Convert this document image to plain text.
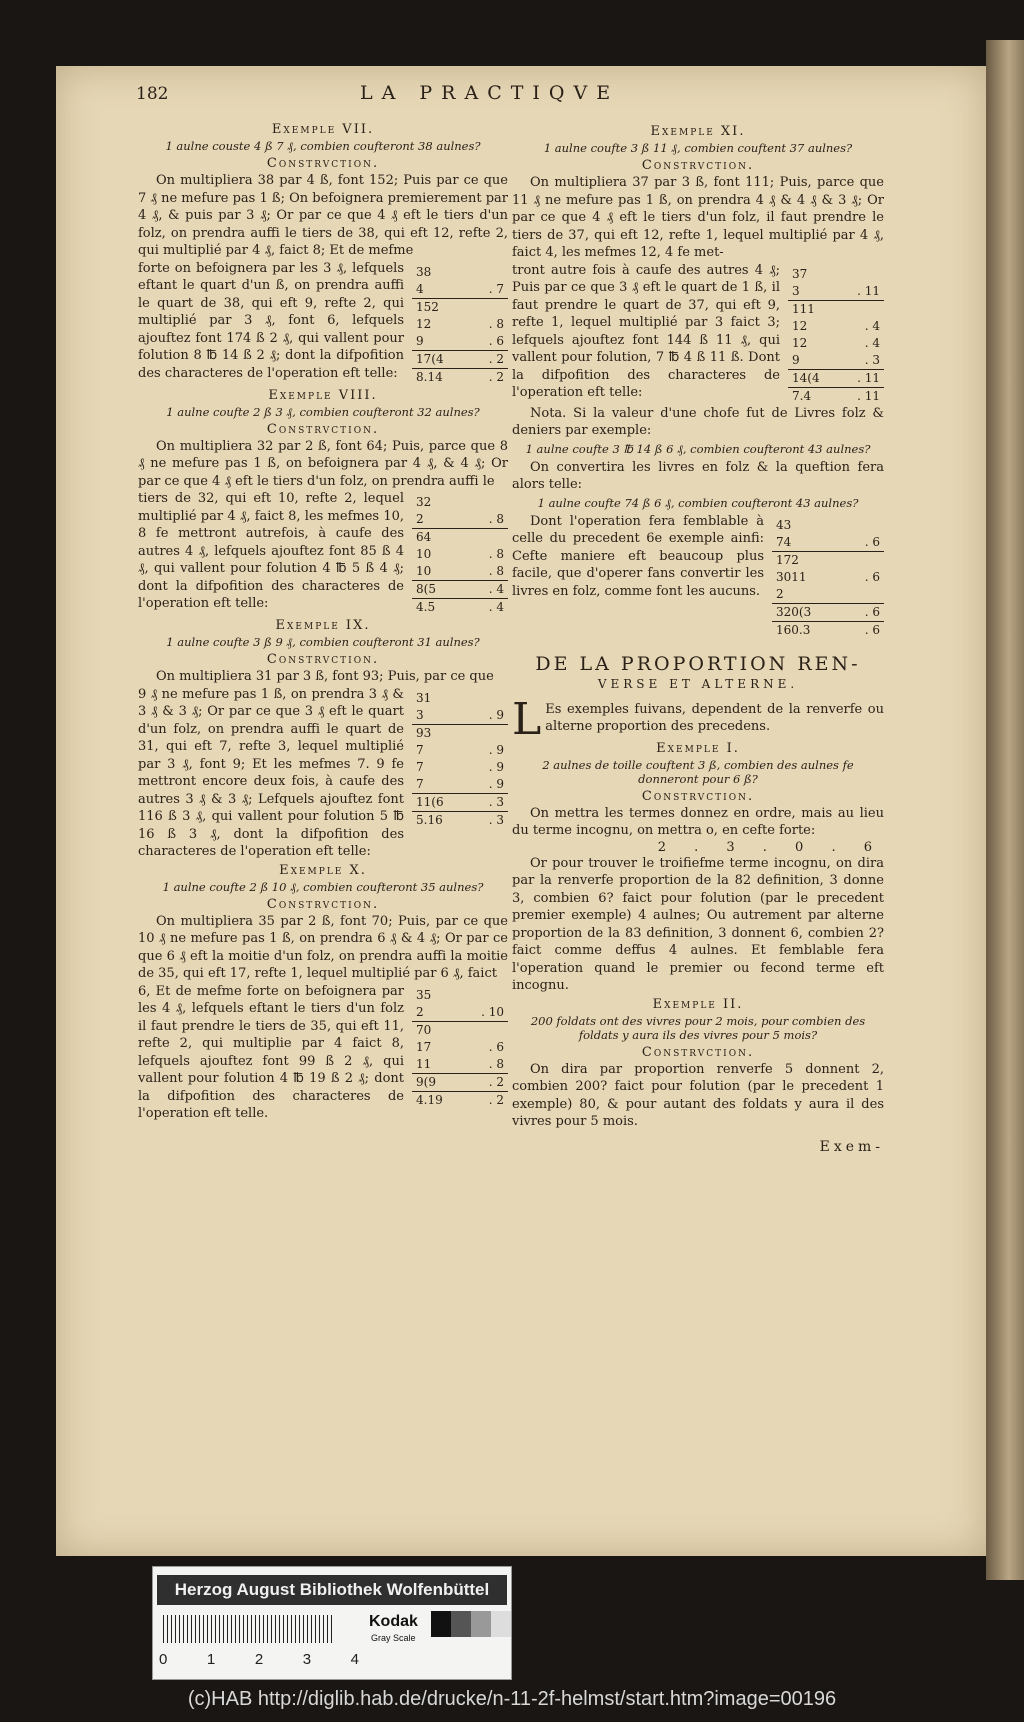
182	LA PRACTIQVE
Exemple VII.
1 aulne couste 4 ß 7 ₰, combien coufteront 38 aulnes?
Constrvction.

On multipliera 38 par 4 ß, font 152; Puis par ce que 7 ₰ ne mefure pas 1 ß; On befoignera premierement par 4 ₰, & puis par 3 ₰; Or par ce que 4 ₰ eft le tiers d'un folz, on prendra auffi le tiers de 38, qui eft 12, refte 2, qui multiplié par 4 ₰, faict 8; Et de mefme

forte on befoignera par les 3 ₰, lefquels eftant le quart d'un ß, on prendra auffi le quart de 38, qui eft 9, refte 2, qui multiplié par 3 ₰, font 6, lefquels ajouftez font 174 ß 2 ₰, qui vallent pour folution 8 ℔ 14 ß 2 ₰; dont la difpofition des characteres de l'operation eft telle:

38
4	. 7
152
12	. 8
9	. 6
17(4	. 2
8.14	. 2
Exemple VIII.
1 aulne coufte 2 ß 3 ₰, combien coufteront 32 aulnes?
Constrvction.

On multipliera 32 par 2 ß, font 64; Puis, parce que 8 ₰ ne mefure pas 1 ß, on befoignera par 4 ₰, & 4 ₰; Or par ce que 4 ₰ eft le tiers d'un folz, on prendra auffi le

tiers de 32, qui eft 10, refte 2, lequel multiplié par 4 ₰, faict 8, les mefmes 10, 8 fe mettront autrefois, à caufe des autres 4 ₰, lefquels ajouftez font 85 ß 4 ₰, qui vallent pour folution 4 ℔ 5 ß 4 ₰; dont la difpofition des characteres de l'operation eft telle:

32
2	. 8
64
10	. 8
10	. 8
8(5	. 4
4.5	. 4
Exemple IX.
1 aulne coufte 3 ß 9 ₰, combien coufteront 31 aulnes?
Constrvction.

On multipliera 31 par 3 ß, font 93; Puis, par ce que

9 ₰ ne mefure pas 1 ß, on prendra 3 ₰ & 3 ₰ & 3 ₰; Or par ce que 3 ₰ eft le quart d'un folz, on prendra auffi le quart de 31, qui eft 7, refte 3, lequel multiplié par 3 ₰, font 9; Et les mefmes 7. 9 fe mettront encore deux fois, à caufe des autres 3 ₰ & 3 ₰; Lefquels ajouftez font 116 ß 3 ₰, qui vallent pour folution 5 ℔ 16 ß 3 ₰, dont la difpofition des characteres de l'operation eft telle:

31
3	. 9
93
7	. 9
7	. 9
7	. 9
11(6	. 3
5.16	. 3
Exemple X.
1 aulne coufte 2 ß 10 ₰, combien coufteront 35 aulnes?
Constrvction.

On multipliera 35 par 2 ß, font 70; Puis, par ce que 10 ₰ ne mefure pas 1 ß, on prendra 6 ₰ & 4 ₰; Or par ce que 6 ₰ eft la moitie d'un folz, on prendra auffi la moitie de 35, qui eft 17, refte 1, lequel multiplié par 6 ₰, faict

6, Et de mefme forte on befoignera par les 4 ₰, lefquels eftant le tiers d'un folz il faut prendre le tiers de 35, qui eft 11, refte 2, qui multiplie par 4 faict 8, lefquels ajouftez font 99 ß 2 ₰, qui vallent pour folution 4 ℔ 19 ß 2 ₰; dont la difpofition des characteres de l'operation eft telle.

35
2	. 10
70
17	. 6
11	. 8
9(9	. 2
4.19	. 2
Exemple XI.
1 aulne coufte 3 ß 11 ₰, combien couftent 37 aulnes?
Constrvction.

On multipliera 37 par 3 ß, font 111; Puis, parce que 11 ₰ ne mefure pas 1 ß, on prendra 4 ₰ & 4 ₰ & 3 ₰; Or par ce que 4 ₰ eft le tiers d'un folz, il faut prendre le tiers de 37, qui eft 12, refte 1, lequel multiplié par 4 ₰, faict 4, les mefmes 12, 4 fe met-

tront autre fois à caufe des autres 4 ₰; Puis par ce que 3 ₰ eft le quart de 1 ß, il faut prendre le quart de 37, qui eft 9, refte 1, lequel multiplié par 3 faict 3; lefquels ajouftez font 144 ß 11 ₰, qui vallent pour folution, 7 ℔ 4 ß 11 ß. Dont la difpofition des characteres de l'operation eft telle:

37
3	. 11
111
12	. 4
12	. 4
9	. 3
14(4	. 11
7.4	. 11

Nota. Si la valeur d'une chofe fut de Livres folz & deniers par exemple:

1 aulne coufte 3 ℔ 14 ß 6 ₰, combien coufteront 43 aulnes?

On convertira les livres en folz & la queftion fera alors telle:

1 aulne coufte 74 ß 6 ₰, combien coufteront 43 aulnes?

Dont l'operation fera femblable à celle du precedent 6e exemple ainfi: Cefte maniere eft beaucoup plus facile, que d'operer fans convertir les livres en folz, comme font les aucuns.

43
74	. 6
172
3011	. 6
2
320(3	. 6
160.3	. 6
DE LA PROPORTION REN-
VERSE ET ALTERNE.

L Es exemples fuivans, dependent de la renverfe ou alterne proportion des precedens.

Exemple I.
2 aulnes de toille couftent 3 ß, combien des aulnes fe donneront pour 6 ß?
Constrvction.

On mettra les termes donnez en ordre, mais au lieu du terme incognu, on mettra o, en cefte forte:

2 . 3 . 0 . 6

Or pour trouver le troifiefme terme incognu, on dira par la renverfe proportion de la 82 definition, 3 donne 3, combien 6? faict pour folution (par le precedent premier exemple) 4 aulnes; Ou autrement par alterne proportion de la 83 definition, 3 donnent 6, combien 2? faict comme deffus 4 aulnes. Et femblable fera l'operation quand le premier ou fecond terme eft incognu.

Exemple II.
200 foldats ont des vivres pour 2 mois, pour combien des foldats y aura ils des vivres pour 5 mois?
Constrvction.

On dira par proportion renverfe 5 donnent 2, combien 200? faict pour folution (par le precedent 1 exemple) 80, & pour autant des foldats y aura il des vivres pour 5 mois.

Exem-
Herzog August Bibliothek Wolfenbüttel
0	1	2	3	4
Kodak
Gray Scale
(c)HAB http://diglib.hab.de/drucke/n-11-2f-helmst/start.htm?image=00196
